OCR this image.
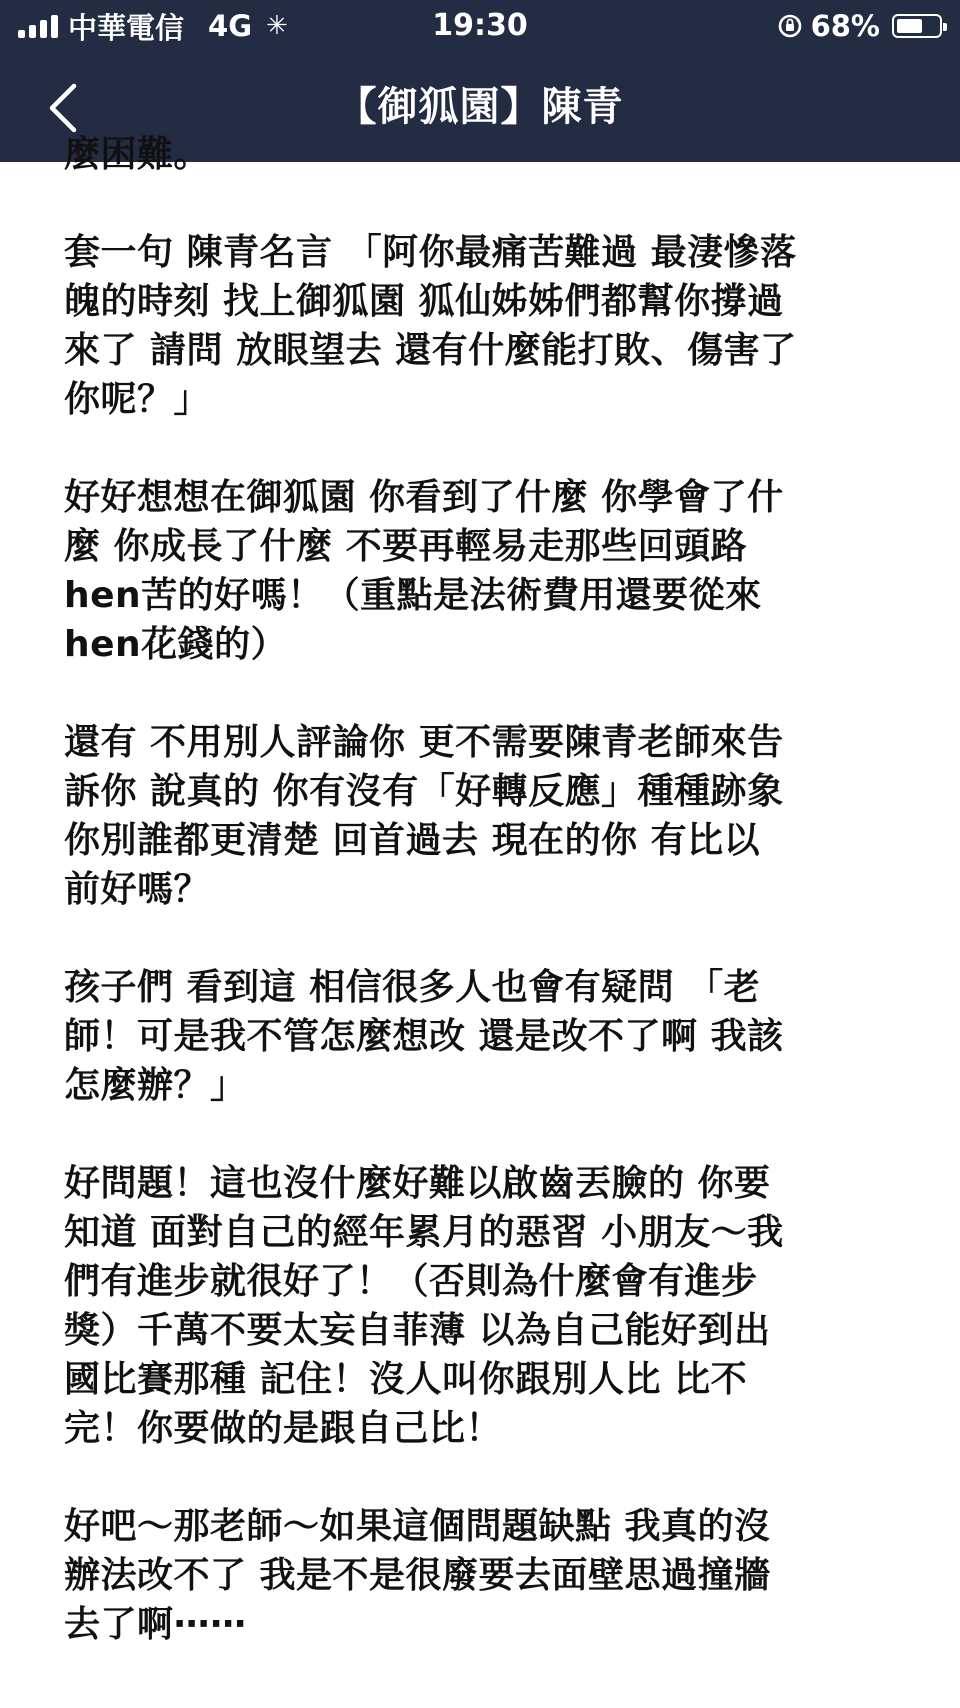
中華電信 4G ✳	19:30	68%
【御狐園】陳青

麼困難。

套一句 陳青名言 「阿你最痛苦難過 最淒慘落
魄的時刻 找上御狐園 狐仙姊姊們都幫你撐過
來了 請問 放眼望去 還有什麼能打敗、傷害了
你呢？」

好好想想在御狐園 你看到了什麼 你學會了什
麼 你成長了什麼 不要再輕易走那些回頭路
hen苦的好嗎！（重點是法術費用還要從來
hen花錢的）

還有 不用別人評論你 更不需要陳青老師來告
訴你 說真的 你有沒有「好轉反應」種種跡象
你別誰都更清楚 回首過去 現在的你 有比以
前好嗎？

孩子們 看到這 相信很多人也會有疑問 「老
師！可是我不管怎麼想改 還是改不了啊 我該
怎麼辦？」

好問題！這也沒什麼好難以啟齒丟臉的 你要
知道 面對自己的經年累月的惡習 小朋友～我
們有進步就很好了！（否則為什麼會有進步
獎）千萬不要太妄自菲薄 以為自己能好到出
國比賽那種 記住！沒人叫你跟別人比 比不
完！你要做的是跟自己比！

好吧～那老師～如果這個問題缺點 我真的沒
辦法改不了 我是不是很廢要去面壁思過撞牆
去了啊⋯⋯
